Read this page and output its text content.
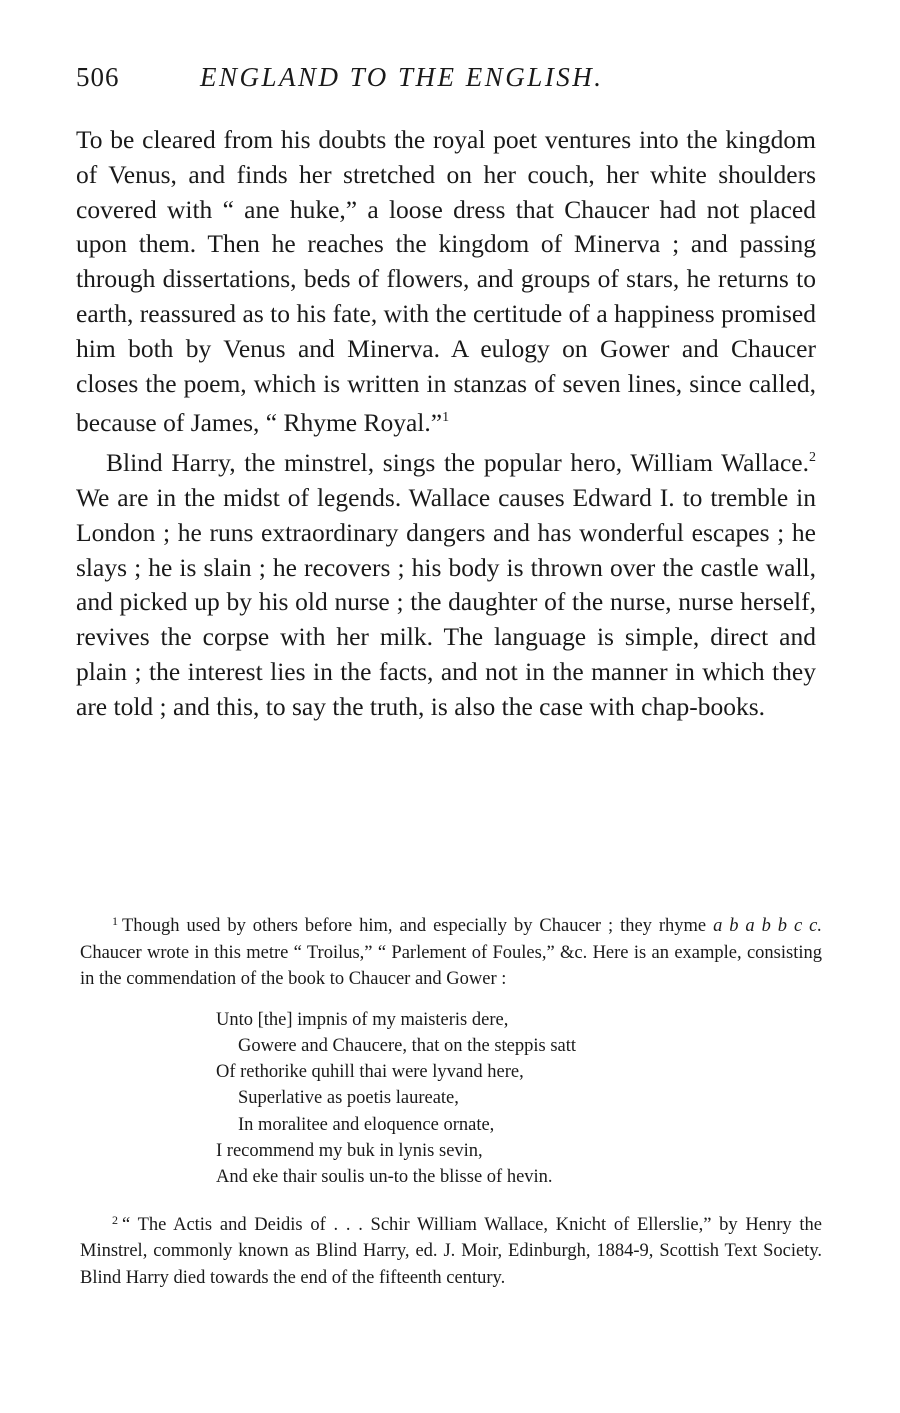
506	ENGLAND TO THE ENGLISH.

To be cleared from his doubts the royal poet ventures into the kingdom of Venus, and finds her stretched on her couch, her white shoulders covered with “ ane huke,” a loose dress that Chaucer had not placed upon them. Then he reaches the kingdom of Minerva ; and passing through dissertations, beds of flowers, and groups of stars, he returns to earth, reassured as to his fate, with the certitude of a happiness promised him both by Venus and Minerva. A eulogy on Gower and Chaucer closes the poem, which is written in stanzas of seven lines, since called, because of James, “ Rhyme Royal.”$^1$

Blind Harry, the minstrel, sings the popular hero, William Wallace.$^2$ We are in the midst of legends. Wallace causes Edward I. to tremble in London ; he runs extraordinary dangers and has wonderful escapes ; he slays ; he is slain ; he recovers ; his body is thrown over the castle wall, and picked up by his old nurse ; the daughter of the nurse, nurse herself, revives the corpse with her milk. The language is simple, direct and plain ; the interest lies in the facts, and not in the manner in which they are told ; and this, to say the truth, is also the case with chap-books.

$^1$ Though used by others before him, and especially by Chaucer ; they rhyme a b a b b c c. Chaucer wrote in this metre “ Troilus,” “ Parlement of Foules,” &c. Here is an example, consisting in the commendation of the book to Chaucer and Gower :

Unto [the] impnis of my maisteris dere,
Gowere and Chaucere, that on the steppis satt
Of rethorike quhill thai were lyvand here,
Superlative as poetis laureate,
In moralitee and eloquence ornate,
I recommend my buk in lynis sevin,
And eke thair soulis un-to the blisse of hevin.

$^2$ “ The Actis and Deidis of . . . Schir William Wallace, Knicht of Ellerslie,” by Henry the Minstrel, commonly known as Blind Harry, ed. J. Moir, Edinburgh, 1884-9, Scottish Text Society. Blind Harry died towards the end of the fifteenth century.
